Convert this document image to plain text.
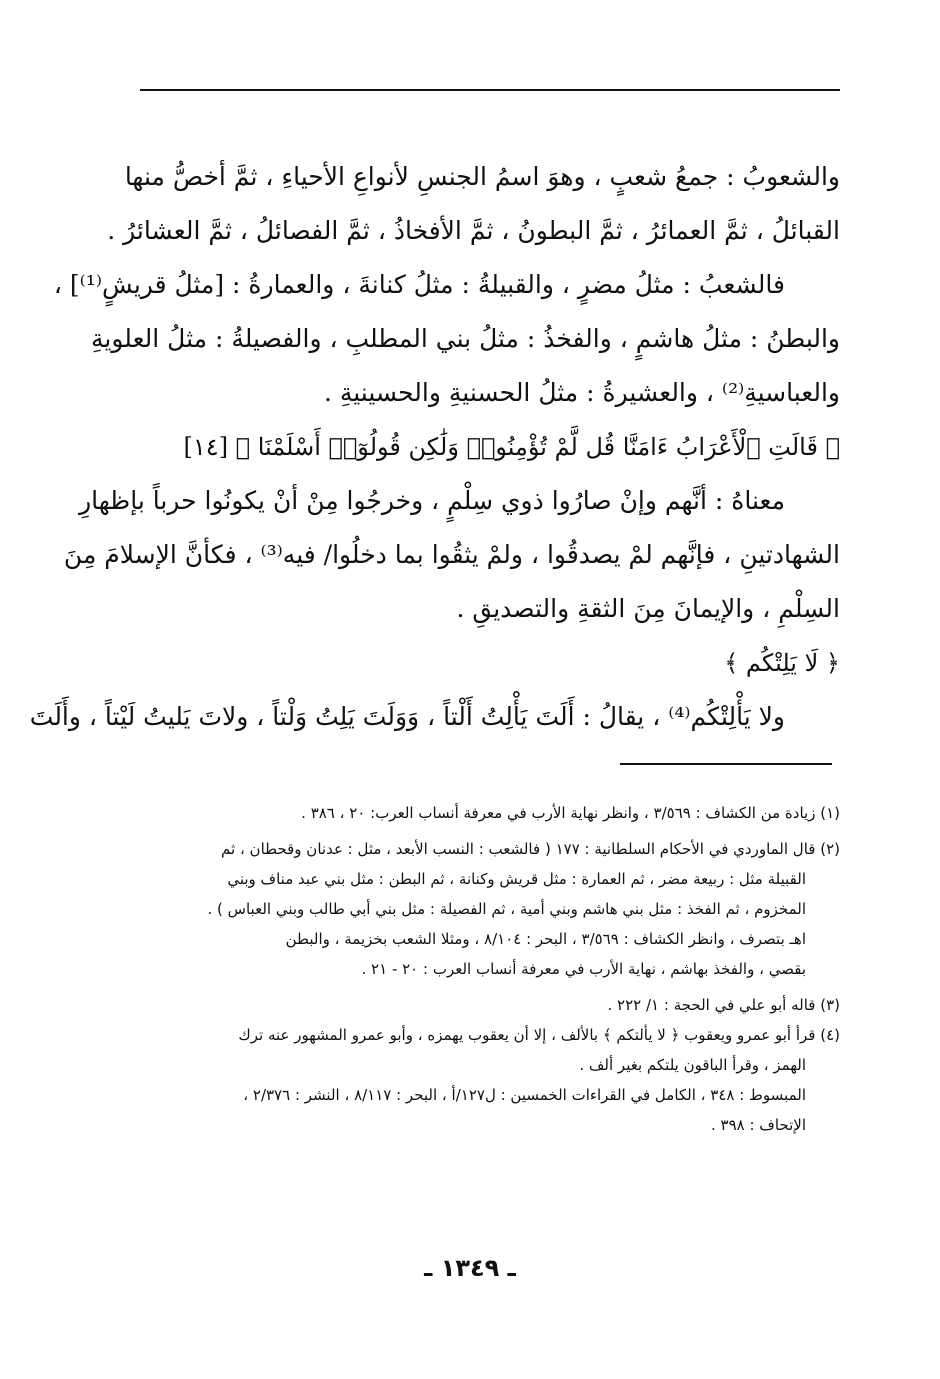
والشعوبُ : جمعُ شعبٍ ، وهوَ اسمُ الجنسِ لأنواعِ الأحياءِ ، ثمَّ أخصُّ منها
القبائلُ ، ثمَّ العمائرُ ، ثمَّ البطونُ ، ثمَّ الأفخاذُ ، ثمَّ الفصائلُ ، ثمَّ العشائرُ .
فالشعبُ : مثلُ مضرٍ ، والقبيلةُ : مثلُ كنانةَ ، والعمارةُ : [مثلُ قريشٍ⁽¹⁾] ،
والبطنُ : مثلُ هاشمٍ ، والفخذُ : مثلُ بني المطلبِ ، والفصيلةُ : مثلُ العلويةِ
والعباسيةِ⁽²⁾ ، والعشيرةُ : مثلُ الحسنيةِ والحسينيةِ .
﴿ قَالَتِ ٱلْأَعْرَابُ ءَامَنَّا قُل لَّمْ تُؤْمِنُوا۟ وَلَٰكِن قُولُوٓا۟ أَسْلَمْنَا ﴾ [١٤]
معناهُ : أنَّهم وإنْ صارُوا ذوي سِلْمٍ ، وخرجُوا مِنْ أنْ يكونُوا حرباً بإظهارِ
الشهادتينِ ، فإنَّهم لمْ يصدقُوا ، ولمْ يثقُوا بما دخلُوا/ فيه⁽³⁾ ، فكأنَّ الإسلامَ مِنَ
السِلْمِ ، والإيمانَ مِنَ الثقةِ والتصديقِ .
﴿ لَا يَلِتْكُم ﴾
ولا يَأْلِتْكُم⁽⁴⁾ ، يقالُ : أَلَتَ يَأْلِتُ أَلْتاً ، وَوَلَتَ يَلِتُ وَلْتاً ، ولاتَ يَليتُ لَيْتاً ، وأَلَتَ
(١) زيادة من الكشاف : ٣/٥٦٩ ، وانظر نهاية الأرب في معرفة أنساب العرب: ٢٠ ، ٣٨٦ .
(٢) قال الماوردي في الأحكام السلطانية : ١٧٧ ( فالشعب : النسب الأبعد ، مثل : عدنان وقحطان ، ثم
القبيلة مثل : ربيعة مضر ، ثم العمارة : مثل قريش وكنانة ، ثم البطن : مثل بني عبد مناف وبني
المخزوم ، ثم الفخذ : مثل بني هاشم وبني أمية ، ثم الفصيلة : مثل بني أبي طالب وبني العباس ) .
اهـ بتصرف ، وانظر الكشاف : ٣/٥٦٩ ، البحر : ٨/١٠٤ ، ومثلا الشعب بخزيمة ، والبطن
بقصي ، والفخذ بهاشم ، نهاية الأرب في معرفة أنساب العرب : ٢٠ - ٢١ .
(٣) قاله أبو علي في الحجة : ١/ ٢٢٢ .
(٤) قرأ أبو عمرو ويعقوب ﴿ لا يألتكم ﴾ بالألف ، إلا أن يعقوب يهمزه ، وأبو عمرو المشهور عنه ترك
الهمز ، وقرأ الباقون يلتكم بغير ألف .
المبسوط : ٣٤٨ ، الكامل في القراءات الخمسين : ل١٢٧/أ ، البحر : ٨/١١٧ ، النشر : ٢/٣٧٦ ،
الإتحاف : ٣٩٨ .
ـ ١٣٤٩ ـ
